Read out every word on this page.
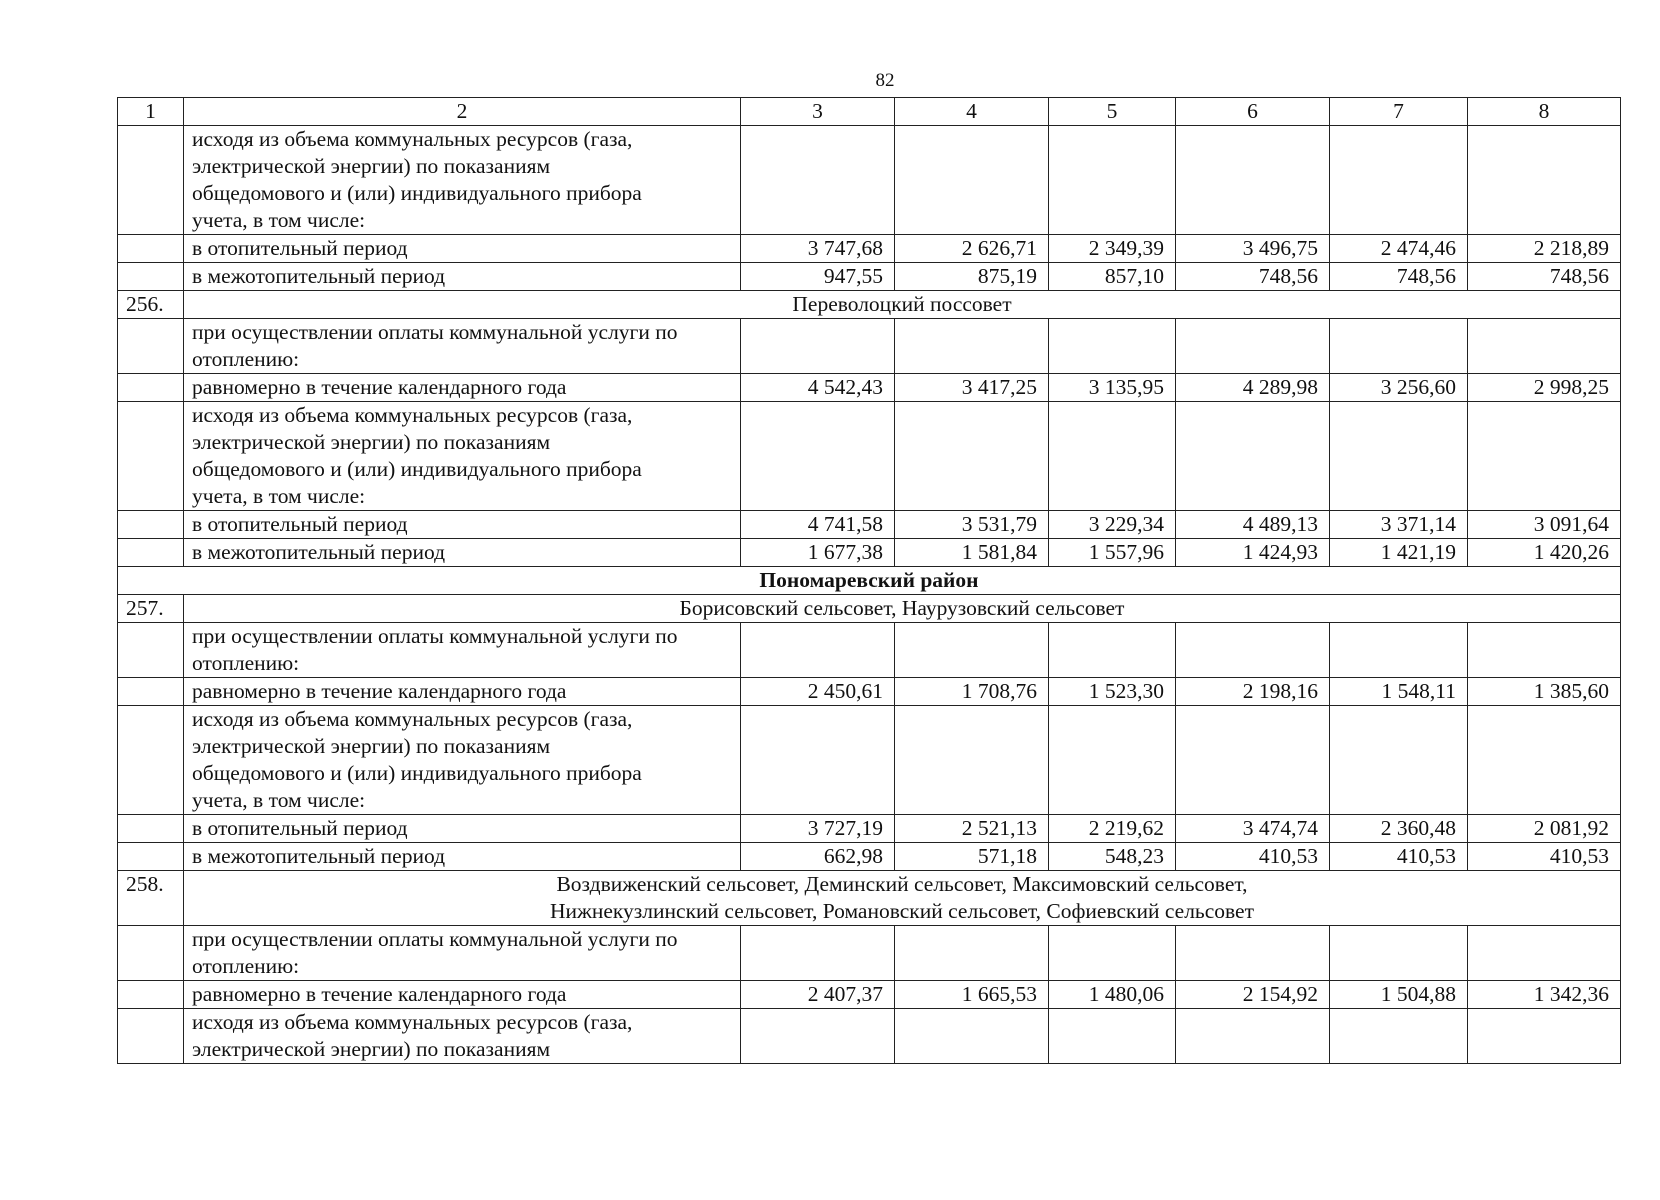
82
1	2	3	4	5	6	7	8

	исходя из объема коммунальных ресурсов (газа, электрической энергии) по показаниям общедомового и (или) индивидуального прибора учета, в том числе:						

	в отопительный период	3 747,68	2 626,71	2 349,39	3 496,75	2 474,46	2 218,89
	в межотопительный период	947,55	875,19	857,10	748,56	748,56	748,56
256.	Переволоцкий поссовет						

	при осуществлении оплаты коммунальной услуги по отоплению:						

	равномерно в течение календарного года	4 542,43	3 417,25	3 135,95	4 289,98	3 256,60	2 998,25

	исходя из объема коммунальных ресурсов (газа, электрической энергии) по показаниям общедомового и (или) индивидуального прибора учета, в том числе:						

	в отопительный период	4 741,58	3 531,79	3 229,34	4 489,13	3 371,14	3 091,64
	в межотопительный период	1 677,38	1 581,84	1 557,96	1 424,93	1 421,19	1 420,26
Пономаревский район							
257.	Борисовский сельсовет, Наурузовский сельсовет						

	при осуществлении оплаты коммунальной услуги по отоплению:						

	равномерно в течение календарного года	2 450,61	1 708,76	1 523,30	2 198,16	1 548,11	1 385,60

	исходя из объема коммунальных ресурсов (газа, электрической энергии) по показаниям общедомового и (или) индивидуального прибора учета, в том числе:						

	в отопительный период	3 727,19	2 521,13	2 219,62	3 474,74	2 360,48	2 081,92
	в межотопительный период	662,98	571,18	548,23	410,53	410,53	410,53
258.	Воздвиженский сельсовет, Деминский сельсовет, Максимовский сельсовет, Нижнекузлинский сельсовет, Романовский сельсовет, Софиевский сельсовет						

	при осуществлении оплаты коммунальной услуги по отоплению:						

	равномерно в течение календарного года	2 407,37	1 665,53	1 480,06	2 154,92	1 504,88	1 342,36

	исходя из объема коммунальных ресурсов (газа, электрической энергии) по показаниям						
